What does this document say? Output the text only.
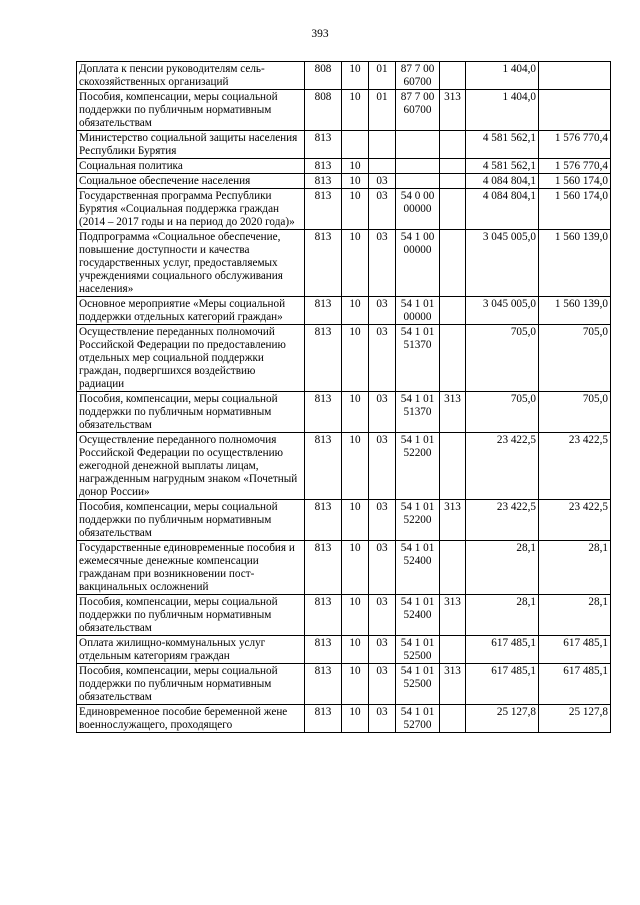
393
Доплата к пенсии руководителям сельскохозяйственных организаций	808	10	01	87 7 00 60700		1 404,0	
Пособия, компенсации, меры социальной поддержки по публичным нормативным обязательствам	808	10	01	87 7 00 60700	313	1 404,0	
Министерство социальной защиты населения Республики Бурятия	813					4 581 562,1	1 576 770,4
Социальная политика	813	10				4 581 562,1	1 576 770,4
Социальное обеспечение населения	813	10	03			4 084 804,1	1 560 174,0
Государственная программа Республики Бурятия «Социальная поддержка граждан (2014 – 2017 годы и на период до 2020 года)»	813	10	03	54 0 00 00000		4 084 804,1	1 560 174,0
Подпрограмма «Социальное обеспечение, повышение доступности и качества государственных услуг, предоставляемых учреждениями социального обслуживания населения»	813	10	03	54 1 00 00000		3 045 005,0	1 560 139,0
Основное мероприятие «Меры социальной поддержки отдельных категорий граждан»	813	10	03	54 1 01 00000		3 045 005,0	1 560 139,0
Осуществление переданных полномочий Российской Федерации по предоставлению отдельных мер социальной поддержки граждан, подвергшихся воздействию радиации	813	10	03	54 1 01 51370		705,0	705,0
Пособия, компенсации, меры социальной поддержки по публичным нормативным обязательствам	813	10	03	54 1 01 51370	313	705,0	705,0
Осуществление переданного полномочия Российской Федерации по осуществлению ежегодной денежной выплаты лицам, награжденным нагрудным знаком «Почетный донор России»	813	10	03	54 1 01 52200		23 422,5	23 422,5
Пособия, компенсации, меры социальной поддержки по публичным нормативным обязательствам	813	10	03	54 1 01 52200	313	23 422,5	23 422,5
Государственные единовременные пособия и ежемесячные денежные компенсации гражданам при возникновении поствакцинальных осложнений	813	10	03	54 1 01 52400		28,1	28,1
Пособия, компенсации, меры социальной поддержки по публичным нормативным обязательствам	813	10	03	54 1 01 52400	313	28,1	28,1
Оплата жилищно-коммунальных услуг отдельным категориям граждан	813	10	03	54 1 01 52500		617 485,1	617 485,1
Пособия, компенсации, меры социальной поддержки по публичным нормативным обязательствам	813	10	03	54 1 01 52500	313	617 485,1	617 485,1
Единовременное пособие беременной жене военнослужащего, проходящего	813	10	03	54 1 01 52700		25 127,8	25 127,8
